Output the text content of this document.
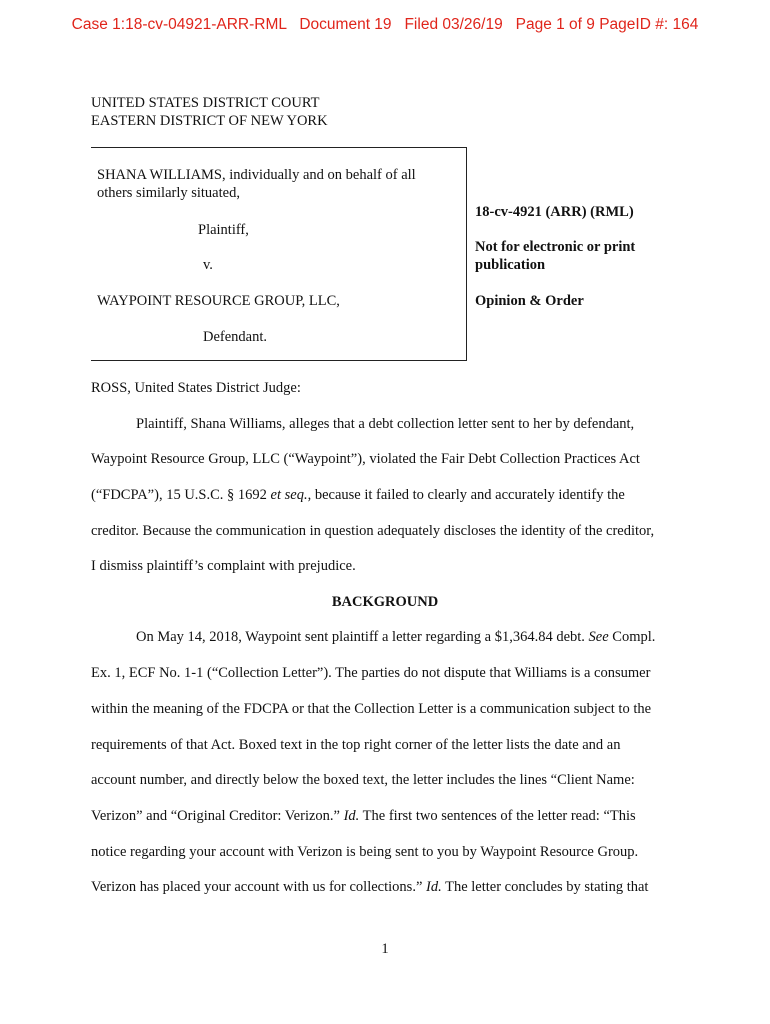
Case 1:18-cv-04921-ARR-RML   Document 19   Filed 03/26/19   Page 1 of 9 PageID #: 164
UNITED STATES DISTRICT COURT
EASTERN DISTRICT OF NEW YORK
SHANA WILLIAMS, individually and on behalf of all
others similarly situated,
Plaintiff,
v.
WAYPOINT RESOURCE GROUP, LLC,
Defendant.
18-cv-4921 (ARR) (RML)
Not for electronic or print
publication
Opinion & Order
ROSS, United States District Judge:
Plaintiff, Shana Williams, alleges that a debt collection letter sent to her by defendant,
Waypoint Resource Group, LLC (“Waypoint”), violated the Fair Debt Collection Practices Act
(“FDCPA”), 15 U.S.C. § 1692 et seq., because it failed to clearly and accurately identify the
creditor. Because the communication in question adequately discloses the identity of the creditor,
I dismiss plaintiff’s complaint with prejudice.
BACKGROUND
On May 14, 2018, Waypoint sent plaintiff a letter regarding a $1,364.84 debt. See Compl.
Ex. 1, ECF No. 1-1 (“Collection Letter”). The parties do not dispute that Williams is a consumer
within the meaning of the FDCPA or that the Collection Letter is a communication subject to the
requirements of that Act. Boxed text in the top right corner of the letter lists the date and an
account number, and directly below the boxed text, the letter includes the lines “Client Name:
Verizon” and “Original Creditor: Verizon.” Id. The first two sentences of the letter read: “This
notice regarding your account with Verizon is being sent to you by Waypoint Resource Group.
Verizon has placed your account with us for collections.” Id. The letter concludes by stating that
1
